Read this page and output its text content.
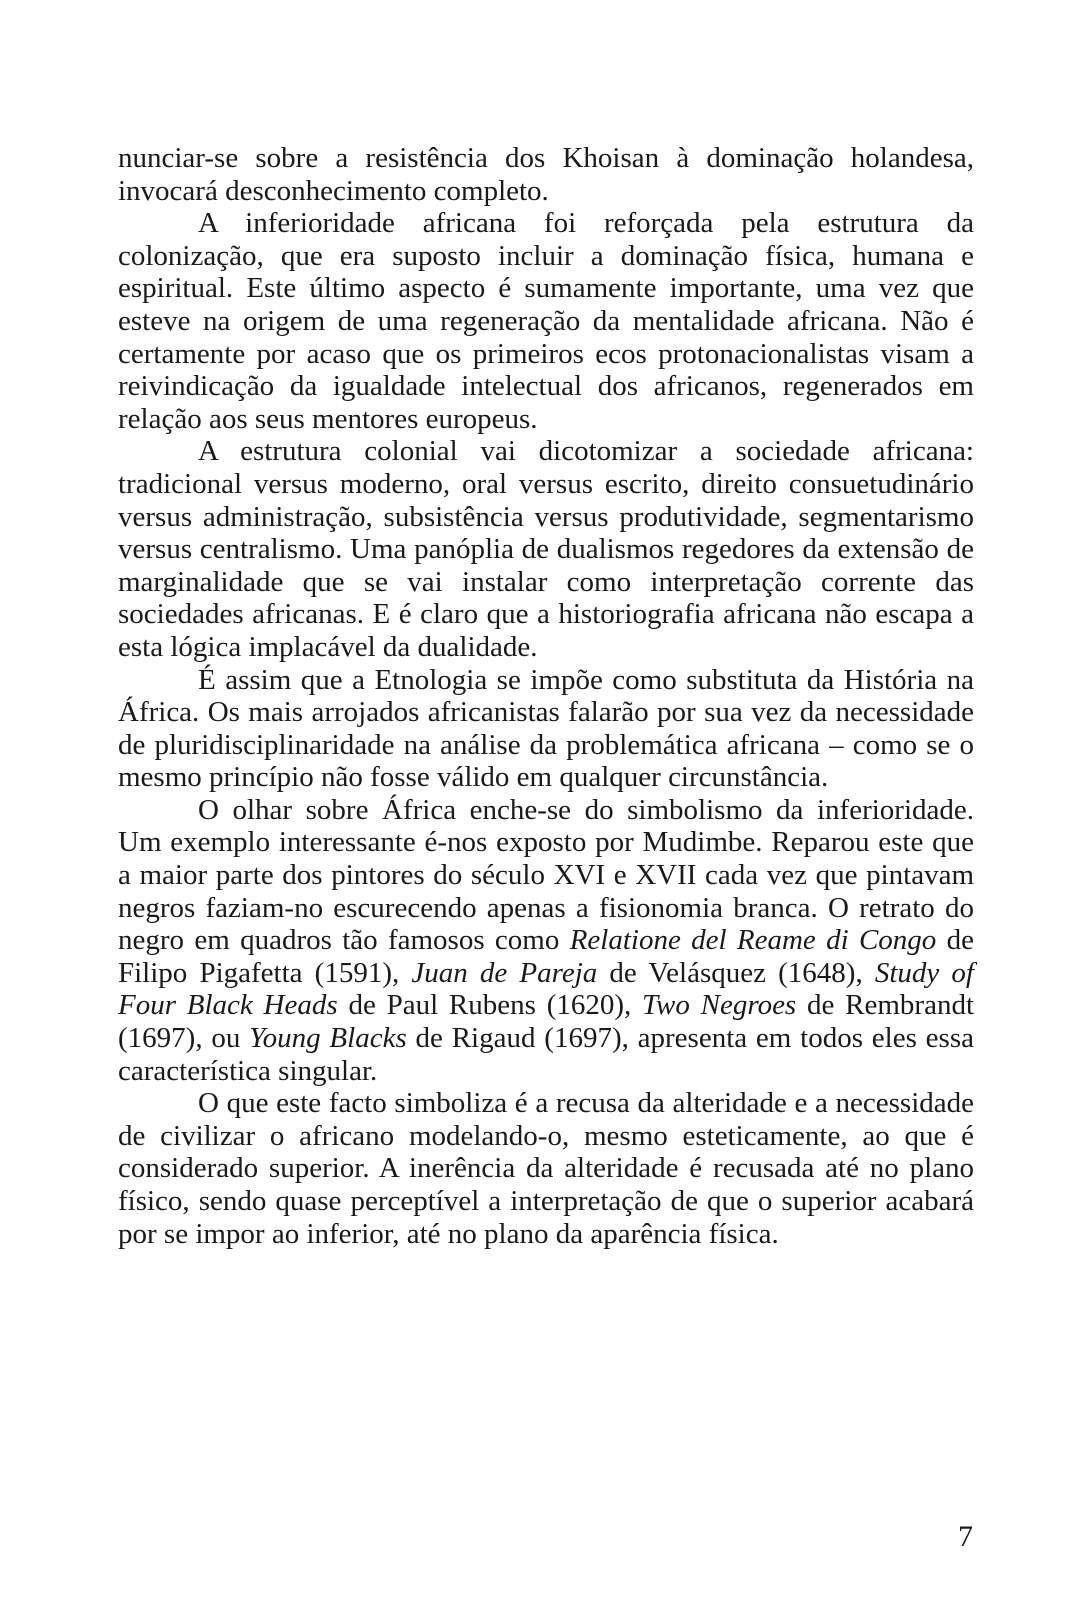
nunciar-se sobre a resistência dos Khoisan à dominação holandesa, invocará desconhecimento completo.

A inferioridade africana foi reforçada pela estrutura da colonização, que era suposto incluir a dominação física, humana e espiritual. Este último aspecto é sumamente importante, uma vez que esteve na origem de uma regeneração da mentalidade africana. Não é certamente por acaso que os primeiros ecos protonacionalistas visam a reivindicação da igualdade intelectual dos africanos, regenerados em relação aos seus mentores europeus.

A estrutura colonial vai dicotomizar a sociedade africana: tradicional versus moderno, oral versus escrito, direito consuetudinário versus administração, subsistência versus produtividade, segmentarismo versus centralismo. Uma panóplia de dualismos regedores da extensão de marginalidade que se vai instalar como interpretação corrente das sociedades africanas. E é claro que a historiografia africana não escapa a esta lógica implacável da dualidade.

É assim que a Etnologia se impõe como substituta da História na África. Os mais arrojados africanistas falarão por sua vez da necessidade de pluridisciplinaridade na análise da problemática africana – como se o mesmo princípio não fosse válido em qualquer circunstância.

O olhar sobre África enche-se do simbolismo da inferioridade. Um exemplo interessante é-nos exposto por Mudimbe. Reparou este que a maior parte dos pintores do século XVI e XVII cada vez que pintavam negros faziam-no escurecendo apenas a fisionomia branca. O retrato do negro em quadros tão famosos como Relatione del Reame di Congo de Filipo Pigafetta (1591), Juan de Pareja de Velásquez (1648), Study of Four Black Heads de Paul Rubens (1620), Two Negroes de Rembrandt (1697), ou Young Blacks de Rigaud (1697), apresenta em todos eles essa característica singular.

O que este facto simboliza é a recusa da alteridade e a necessidade de civilizar o africano modelando-o, mesmo esteticamente, ao que é considerado superior. A inerência da alteridade é recusada até no plano físico, sendo quase perceptível a interpretação de que o superior acabará por se impor ao inferior, até no plano da aparência física.

7
